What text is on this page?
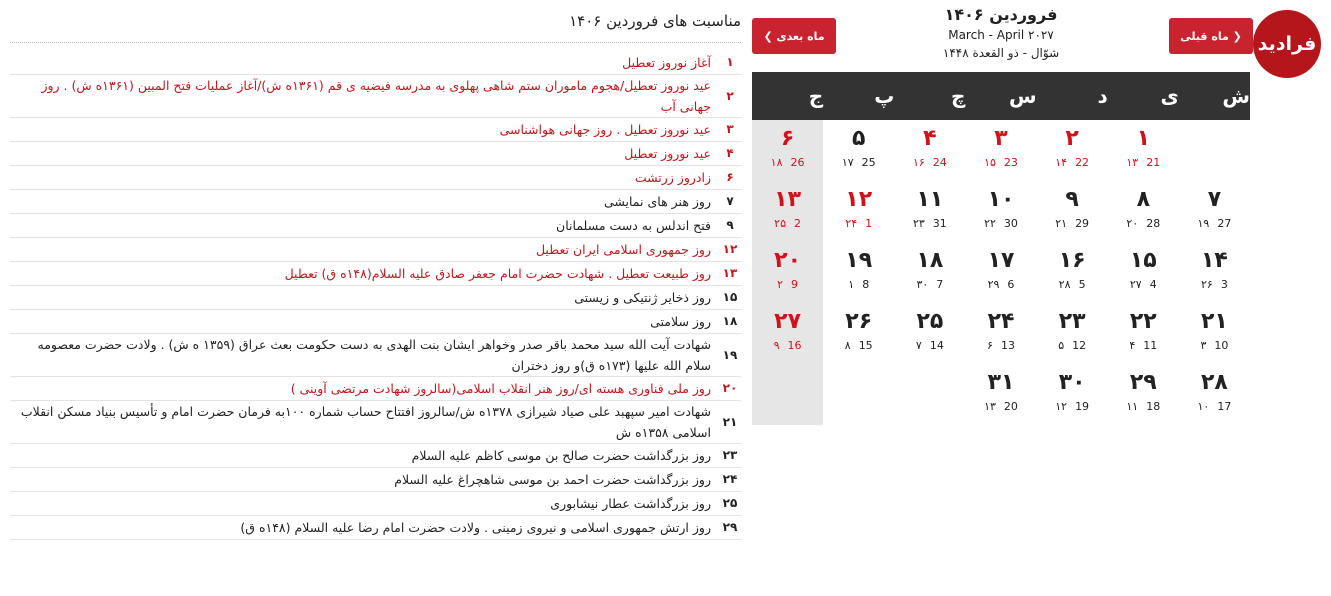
مناسبت های فروردین ۱۴۰۶
۱
آغاز نوروز تعطیل
۲
عید نوروز تعطیل/هجوم ماموران ستم شاهی پهلوی به مدرسه فیضیه ی قم (۱۳۶۱ه ش)/آغاز عملیات فتح المبین (۱۳۶۱ه ش) . روز جهانی آب
۳
عید نوروز تعطیل . روز جهانی هواشناسی
۴
عید نوروز تعطیل
۶
زادروز زرتشت
۷
روز هنر های نمایشی
۹
فتح اندلس به دست مسلمانان
۱۲
روز جمهوری اسلامی ایران تعطیل
۱۳
روز طبیعت تعطیل . شهادت حضرت امام جعفر صادق علیه السلام(۱۴۸ه ق) تعطیل
۱۵
روز ذخایر ژنتیکی و زیستی
۱۸
روز سلامتی
۱۹
شهادت آیت الله سید محمد باقر صدر وخواهر ایشان بنت الهدی به دست حکومت بعث عراق (۱۳۵۹ ه ش) . ولادت حضرت معصومه سلام الله علیها (۱۷۳ه ق)و روز دختران
۲۰
روز ملی فناوری هسته ای/روز هنر انقلاب اسلامی(سالروز شهادت مرتضی آوینی )
۲۱
شهادت امیر سپهبد علی صیاد شیرازی ۱۳۷۸ه ش/سالروز افتتاح حساب شماره ۱۰۰به فرمان حضرت امام و تأسیس بنیاد مسکن انقلاب اسلامی ۱۳۵۸ه ش
۲۳
روز بزرگداشت حضرت صالح بن موسی کاظم علیه السلام
۲۴
روز بزرگداشت حضرت احمد بن موسی شاهچراغ علیه السلام
۲۵
روز بزرگداشت عطار نیشابوری
۲۹
روز ارتش جمهوری اسلامی و نیروی زمینی . ولادت حضرت امام رضا علیه السلام (۱۴۸ه ق)
فرادید
❮
ماه قبلی
ماه بعدی
❯
فروردین ۱۴۰۶
March - April ۲۰۲۷
شوّال - ذو القعدة ۱۴۴۸
ش
ی
د
س
چ
پ
ج
۱
21
۱۳
۲
22
۱۴
۳
23
۱۵
۴
24
۱۶
۵
25
۱۷
۶
26
۱۸
۷
27
۱۹
۸
28
۲۰
۹
29
۲۱
۱۰
30
۲۲
۱۱
31
۲۳
۱۲
1
۲۴
۱۳
2
۲۵
۱۴
3
۲۶
۱۵
4
۲۷
۱۶
5
۲۸
۱۷
6
۲۹
۱۸
7
۳۰
۱۹
8
۱
۲۰
9
۲
۲۱
10
۳
۲۲
11
۴
۲۳
12
۵
۲۴
13
۶
۲۵
14
۷
۲۶
15
۸
۲۷
16
۹
۲۸
17
۱۰
۲۹
18
۱۱
۳۰
19
۱۲
۳۱
20
۱۳
